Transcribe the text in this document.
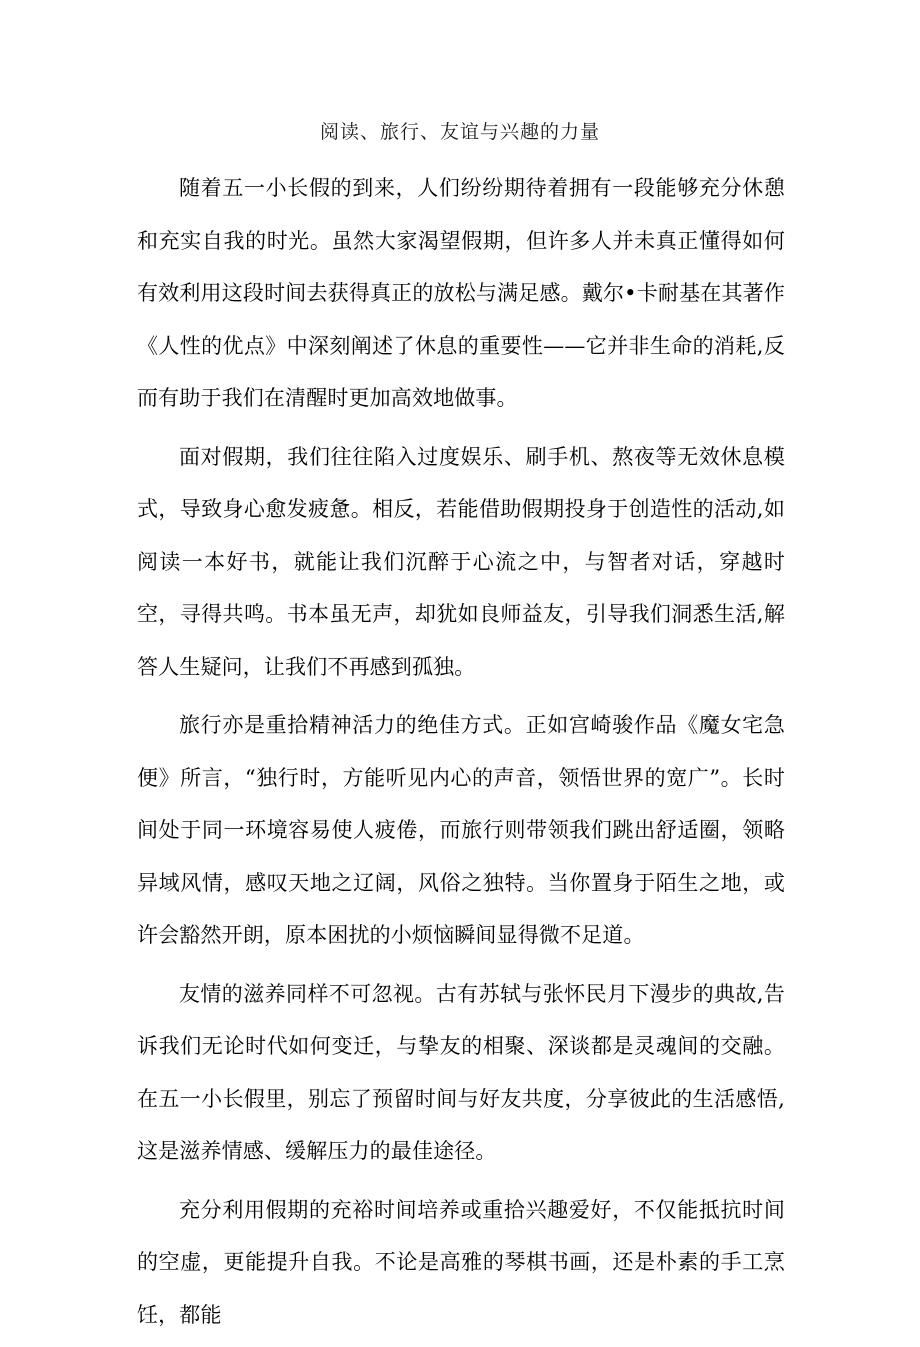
阅读、旅行、友谊与兴趣的力量

随着五一小长假的到来，人们纷纷期待着拥有一段能够充分休憩和充实自我的时光。虽然大家渴望假期，但许多人并未真正懂得如何有效利用这段时间去获得真正的放松与满足感。戴尔•卡耐基在其著作《人性的优点》中深刻阐述了休息的重要性——它并非生命的消耗,反而有助于我们在清醒时更加高效地做事。

面对假期，我们往往陷入过度娱乐、刷手机、熬夜等无效休息模式，导致身心愈发疲惫。相反，若能借助假期投身于创造性的活动,如阅读一本好书，就能让我们沉醉于心流之中，与智者对话，穿越时空，寻得共鸣。书本虽无声，却犹如良师益友，引导我们洞悉生活,解答人生疑问，让我们不再感到孤独。

旅行亦是重拾精神活力的绝佳方式。正如宫崎骏作品《魔女宅急便》所言，“独行时，方能听见内心的声音，领悟世界的宽广”。长时间处于同一环境容易使人疲倦，而旅行则带领我们跳出舒适圈，领略异域风情，感叹天地之辽阔，风俗之独特。当你置身于陌生之地，或许会豁然开朗，原本困扰的小烦恼瞬间显得微不足道。

友情的滋养同样不可忽视。古有苏轼与张怀民月下漫步的典故,告诉我们无论时代如何变迁，与挚友的相聚、深谈都是灵魂间的交融。在五一小长假里，别忘了预留时间与好友共度，分享彼此的生活感悟,这是滋养情感、缓解压力的最佳途径。

充分利用假期的充裕时间培养或重拾兴趣爱好，不仅能抵抗时间的空虚，更能提升自我。不论是高雅的琴棋书画，还是朴素的手工烹饪，都能
